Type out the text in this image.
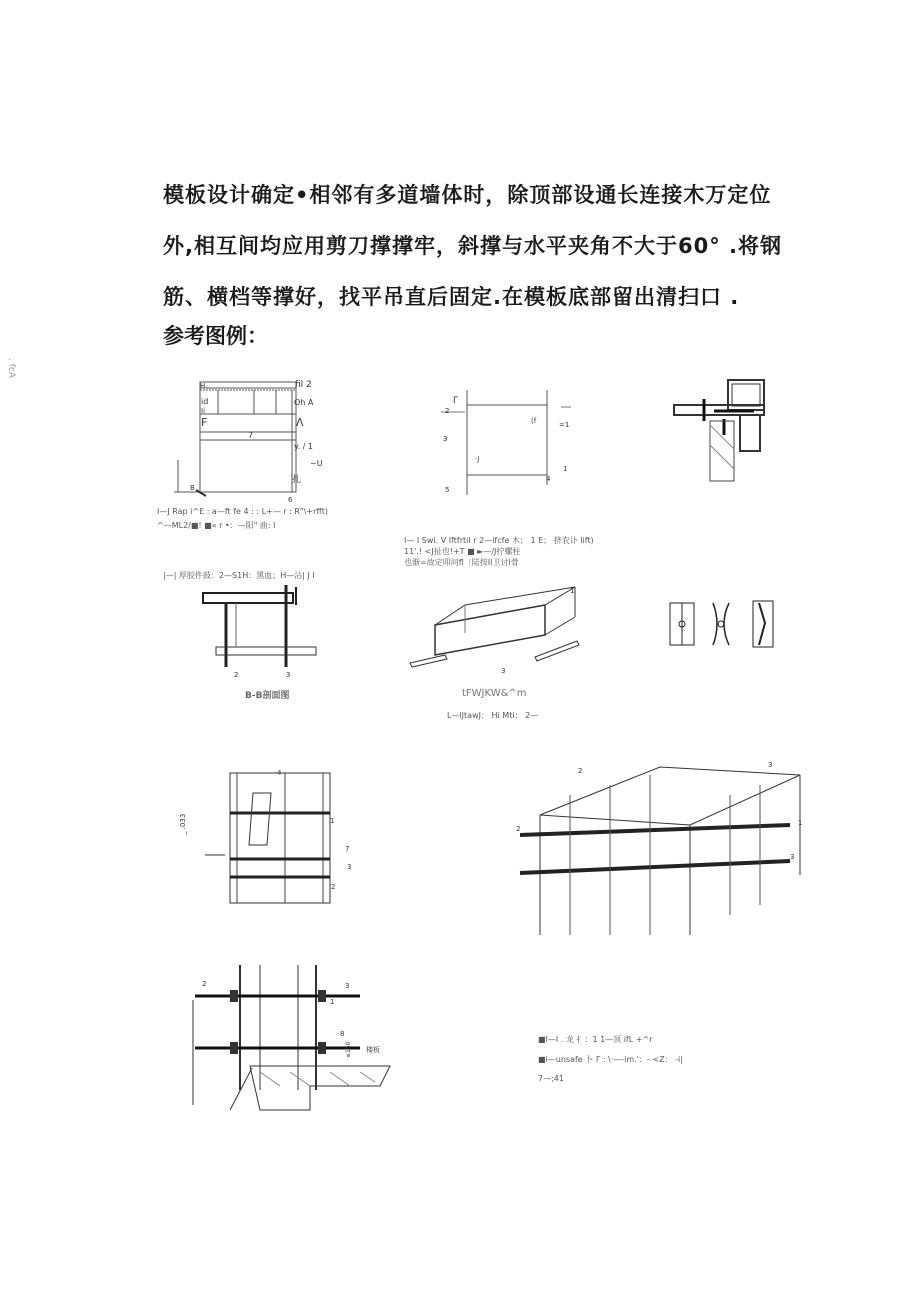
模板设计确定•相邻有多道墙体时，除顶部设通长连接木万定位
外,相互间均应用剪刀撑撑牢，斜撑与水平夹角不大于60° .将钢
筋、横档等撑好，找平吊直后固定.在模板底部留出清扫口 .
参考图例：
. fcA
H	fil 2
id	Oh A
Ii
F	Λ
7
y. / 1
~U
扎
6
B
I—J Rap i^E : a—ft fe 4 : : L+— r : R"\+rfft)
^—ML2/■! ■« r •：—阳" 曲: l
Γ
2
3
(f	=1
1
4
5
·J
I— I Swi. V IftfrtiI r 2—ifcfe 木； 1 E； 挤农讣 lift)
11'.! <J扯也!+T ■ ►—/J拧螺柱
也渐=故定叩问fl〔陆按II卫讨I骨
|—| 厚胶件鼓：2—S1H：黑血；H—沾| J I
2	3
B-B剖面图
1
3
tFWJKW&^m
L—lJtawJ： Hi Mti： 2—
4
1
7
3
2
_ .033
2
3
1
2
3
2	3
1
8
楼板
≤150
■I—I . 龙 扌：1 1—顶 ifL +^r
■i—unsafe 卜 Γ : \·—-im.'：- <Z： -i|
7—;41
